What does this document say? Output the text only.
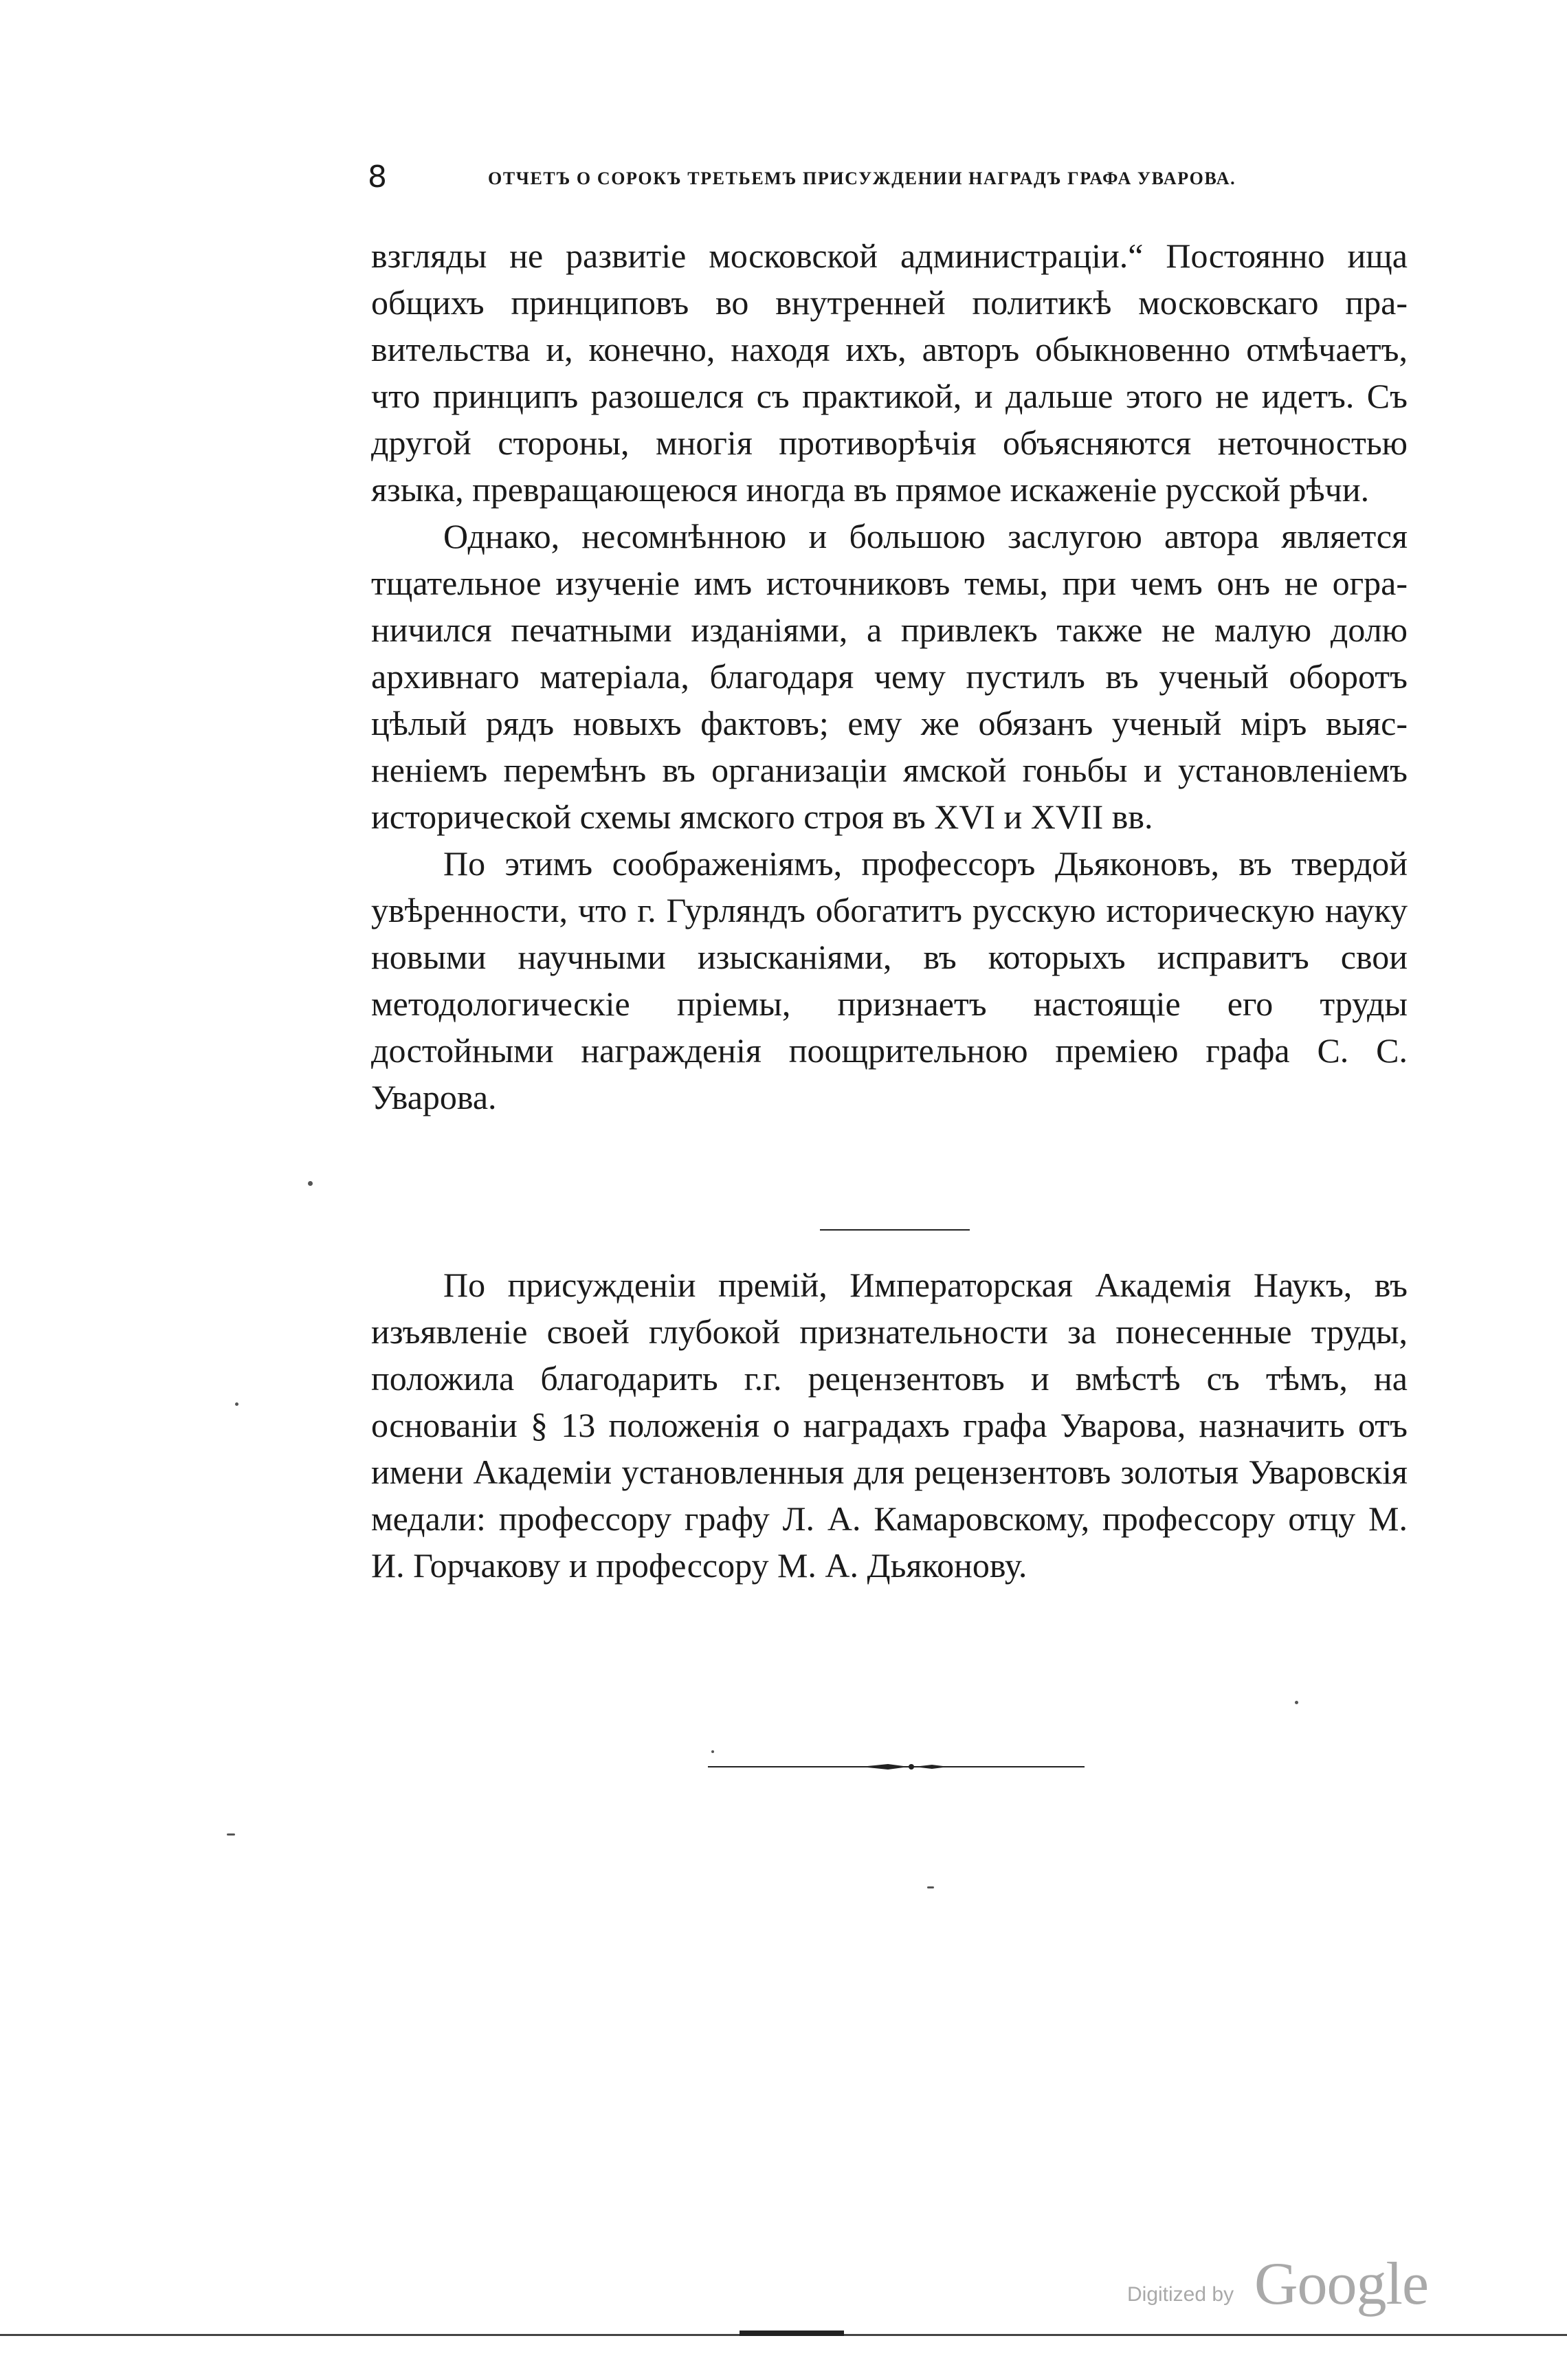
8	ОТЧЕТЪ О СОРОКЪ ТРЕТЬЕМЪ ПРИСУЖДЕНИИ НАГРАДЪ ГРАФА УВАРОВА.

взгляды не развитіе московской администраціи.“ Постоянно ища общихъ принциповъ во внутренней политикѣ московскаго правительства и, конечно, находя ихъ, авторъ обыкновенно отмѣчаетъ, что принципъ разошелся съ практикой, и дальше этого не идетъ. Съ другой стороны, многія противорѣчія объясняются неточностью языка, превращающеюся иногда въ прямое искаженіе русской рѣчи.

Однако, несомнѣнною и большою заслугою автора является тщательное изученіе имъ источниковъ темы, при чемъ онъ не ограничился печатными изданіями, а привлекъ также не малую долю архивнаго матеріала, благодаря чему пустилъ въ ученый оборотъ цѣлый рядъ новыхъ фактовъ; ему же обязанъ ученый міръ выясненіемъ перемѣнъ въ организаціи ямской гоньбы и установленіемъ исторической схемы ямского строя въ XVI и XVII вв.

По этимъ соображеніямъ, профессоръ Дьяконовъ, въ твердой увѣренности, что г. Гурляндъ обогатитъ русскую историческую науку новыми научными изысканіями, въ которыхъ исправитъ свои методологическіе пріемы, признаетъ настоящіе его труды достойными награжденія поощрительною преміею графа С. С. Уварова.

По присужденіи премій, Императорская Академія Наукъ, въ изъявленіе своей глубокой признательности за понесенные труды, положила благодарить г.г. рецензентовъ и вмѣстѣ съ тѣмъ, на основаніи § 13 положенія о наградахъ графа Уварова, назначить отъ имени Академіи установленныя для рецензентовъ золотыя Уваровскія медали: профессору графу Л. А. Камаровскому, профессору отцу М. И. Горчакову и профессору М. А. Дьяконову.

Digitized by Google
